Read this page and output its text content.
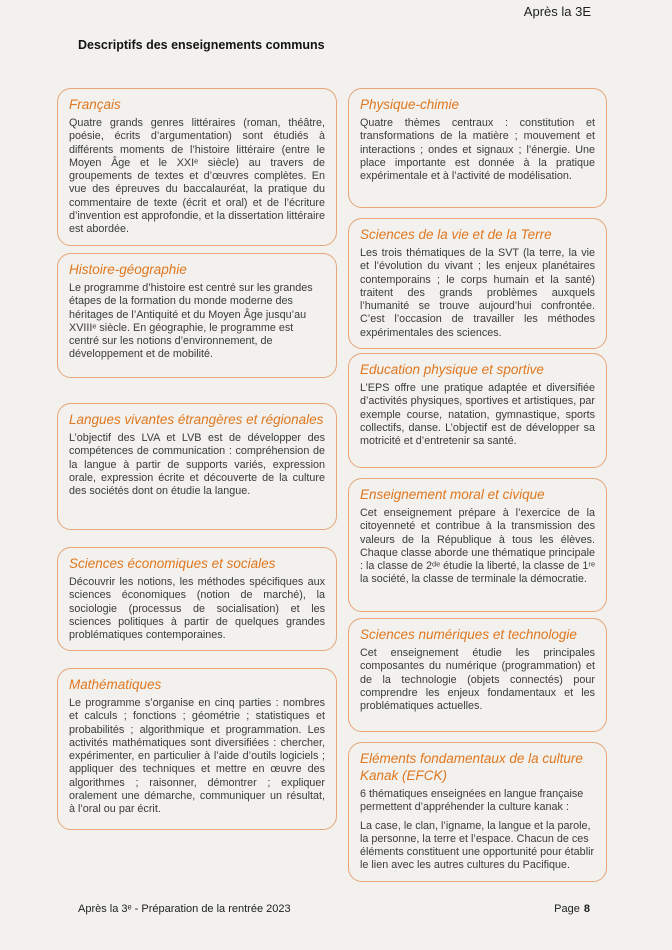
Après la 3E
Descriptifs des enseignements communs
Français

Quatre grands genres littéraires (roman, théâtre, poésie, écrits d’argumentation) sont étudiés à différents moments de l’histoire littéraire (entre le Moyen Âge et le XXIᵉ siècle) au travers de groupements de textes et d’œuvres complètes. En vue des épreuves du baccalauréat, la pratique du commentaire de texte (écrit et oral) et de l’écriture d’invention est approfondie, et la dissertation littéraire est abordée.

Histoire-géographie

Le programme d’histoire est centré sur les grandes étapes de la formation du monde moderne des héritages de l’Antiquité et du Moyen Âge jusqu’au XVIIIᵉ siècle. En géographie, le programme est centré sur les notions d’environnement, de développement et de mobilité.

Langues vivantes étrangères et régionales

L’objectif des LVA et LVB est de développer des compétences de communication : compréhension de la langue à partir de supports variés, expression orale, expression écrite et découverte de la culture des sociétés dont on étudie la langue.

Sciences économiques et sociales

Découvrir les notions, les méthodes spécifiques aux sciences économiques (notion de marché), la sociologie (processus de socialisation) et les sciences politiques à partir de quelques grandes problématiques contemporaines.

Mathématiques

Le programme s’organise en cinq parties : nombres et calculs ; fonctions ; géométrie ; statistiques et probabilités ; algorithmique et programmation. Les activités mathématiques sont diversifiées : chercher, expérimenter, en particulier à l’aide d’outils logiciels ; appliquer des techniques et mettre en œuvre des algorithmes ; raisonner, démontrer ; expliquer oralement une démarche, communiquer un résultat, à l’oral ou par écrit.

Physique-chimie

Quatre thèmes centraux : constitution et transformations de la matière ; mouvement et interactions ; ondes et signaux ; l’énergie. Une place importante est donnée à la pratique expérimentale et à l’activité de modélisation.

Sciences de la vie et de la Terre

Les trois thématiques de la SVT (la terre, la vie et l’évolution du vivant ; les enjeux planétaires contemporains ; le corps humain et la santé) traitent des grands problèmes auxquels l’humanité se trouve aujourd’hui confrontée. C’est l’occasion de travailler les méthodes expérimentales des sciences.

Education physique et sportive

L’EPS offre une pratique adaptée et diversifiée d’activités physiques, sportives et artistiques, par exemple course, natation, gymnastique, sports collectifs, danse. L’objectif est de développer sa motricité et d’entretenir sa santé.

Enseignement moral et civique

Cet enseignement prépare à l’exercice de la citoyenneté et contribue à la transmission des valeurs de la République à tous les élèves. Chaque classe aborde une thématique principale : la classe de 2ᵈᵉ étudie la liberté, la classe de 1ʳᵉ la société, la classe de terminale la démocratie.

Sciences numériques et technologie

Cet enseignement étudie les principales composantes du numérique (programmation) et de la technologie (objets connectés) pour comprendre les enjeux fondamentaux et les problématiques actuelles.

Eléments fondamentaux de la culture Kanak (EFCK)

6 thématiques enseignées en langue française permettent d’appréhender la culture kanak :

La case, le clan, l’igname, la langue et la parole, la personne, la terre et l’espace. Chacun de ces éléments constituent une opportunité pour établir le lien avec les autres cultures du Pacifique.

Après la 3ᵉ - Préparation de la rentrée 2023	Page 8
